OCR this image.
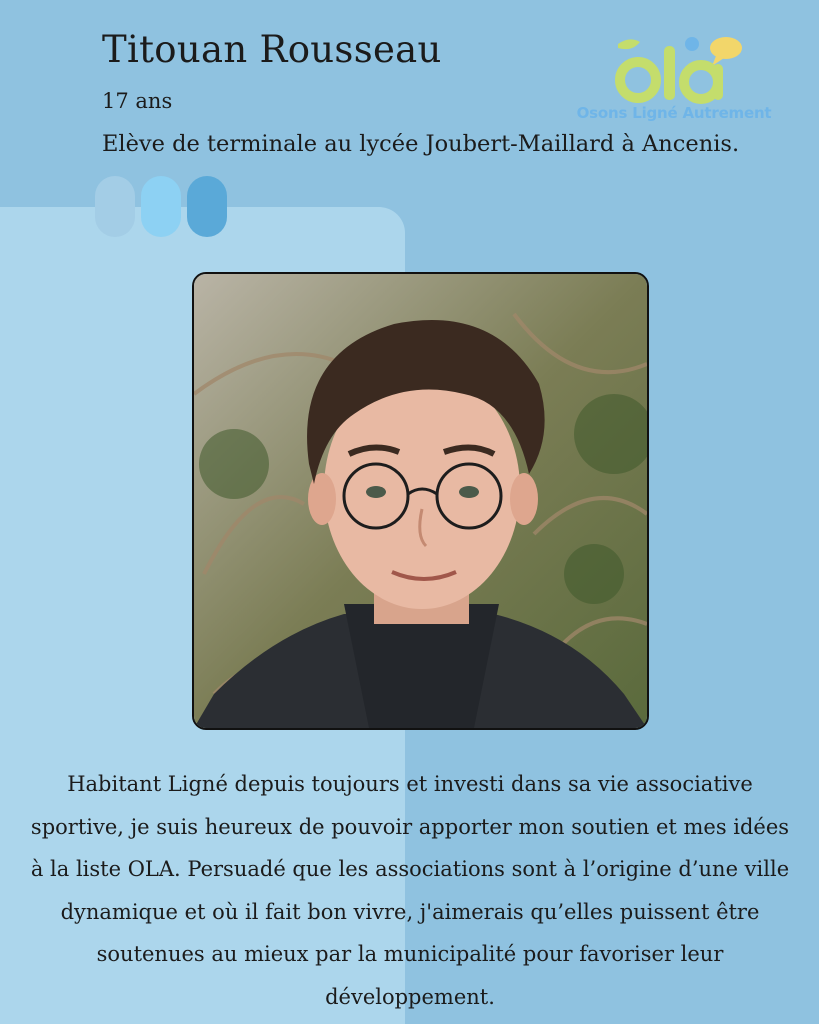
Titouan Rousseau
17 ans
Elève de terminale au lycée Joubert-Maillard à Ancenis.
Osons Ligné Autrement

Habitant Ligné depuis toujours et investi dans sa vie associative sportive, je suis heureux de pouvoir apporter mon soutien et mes idées à la liste OLA. Persuadé que les associations sont à l’origine d’une ville dynamique et où il fait bon vivre, j'aimerais qu’elles puissent être soutenues au mieux par la municipalité pour favoriser leur développement.
